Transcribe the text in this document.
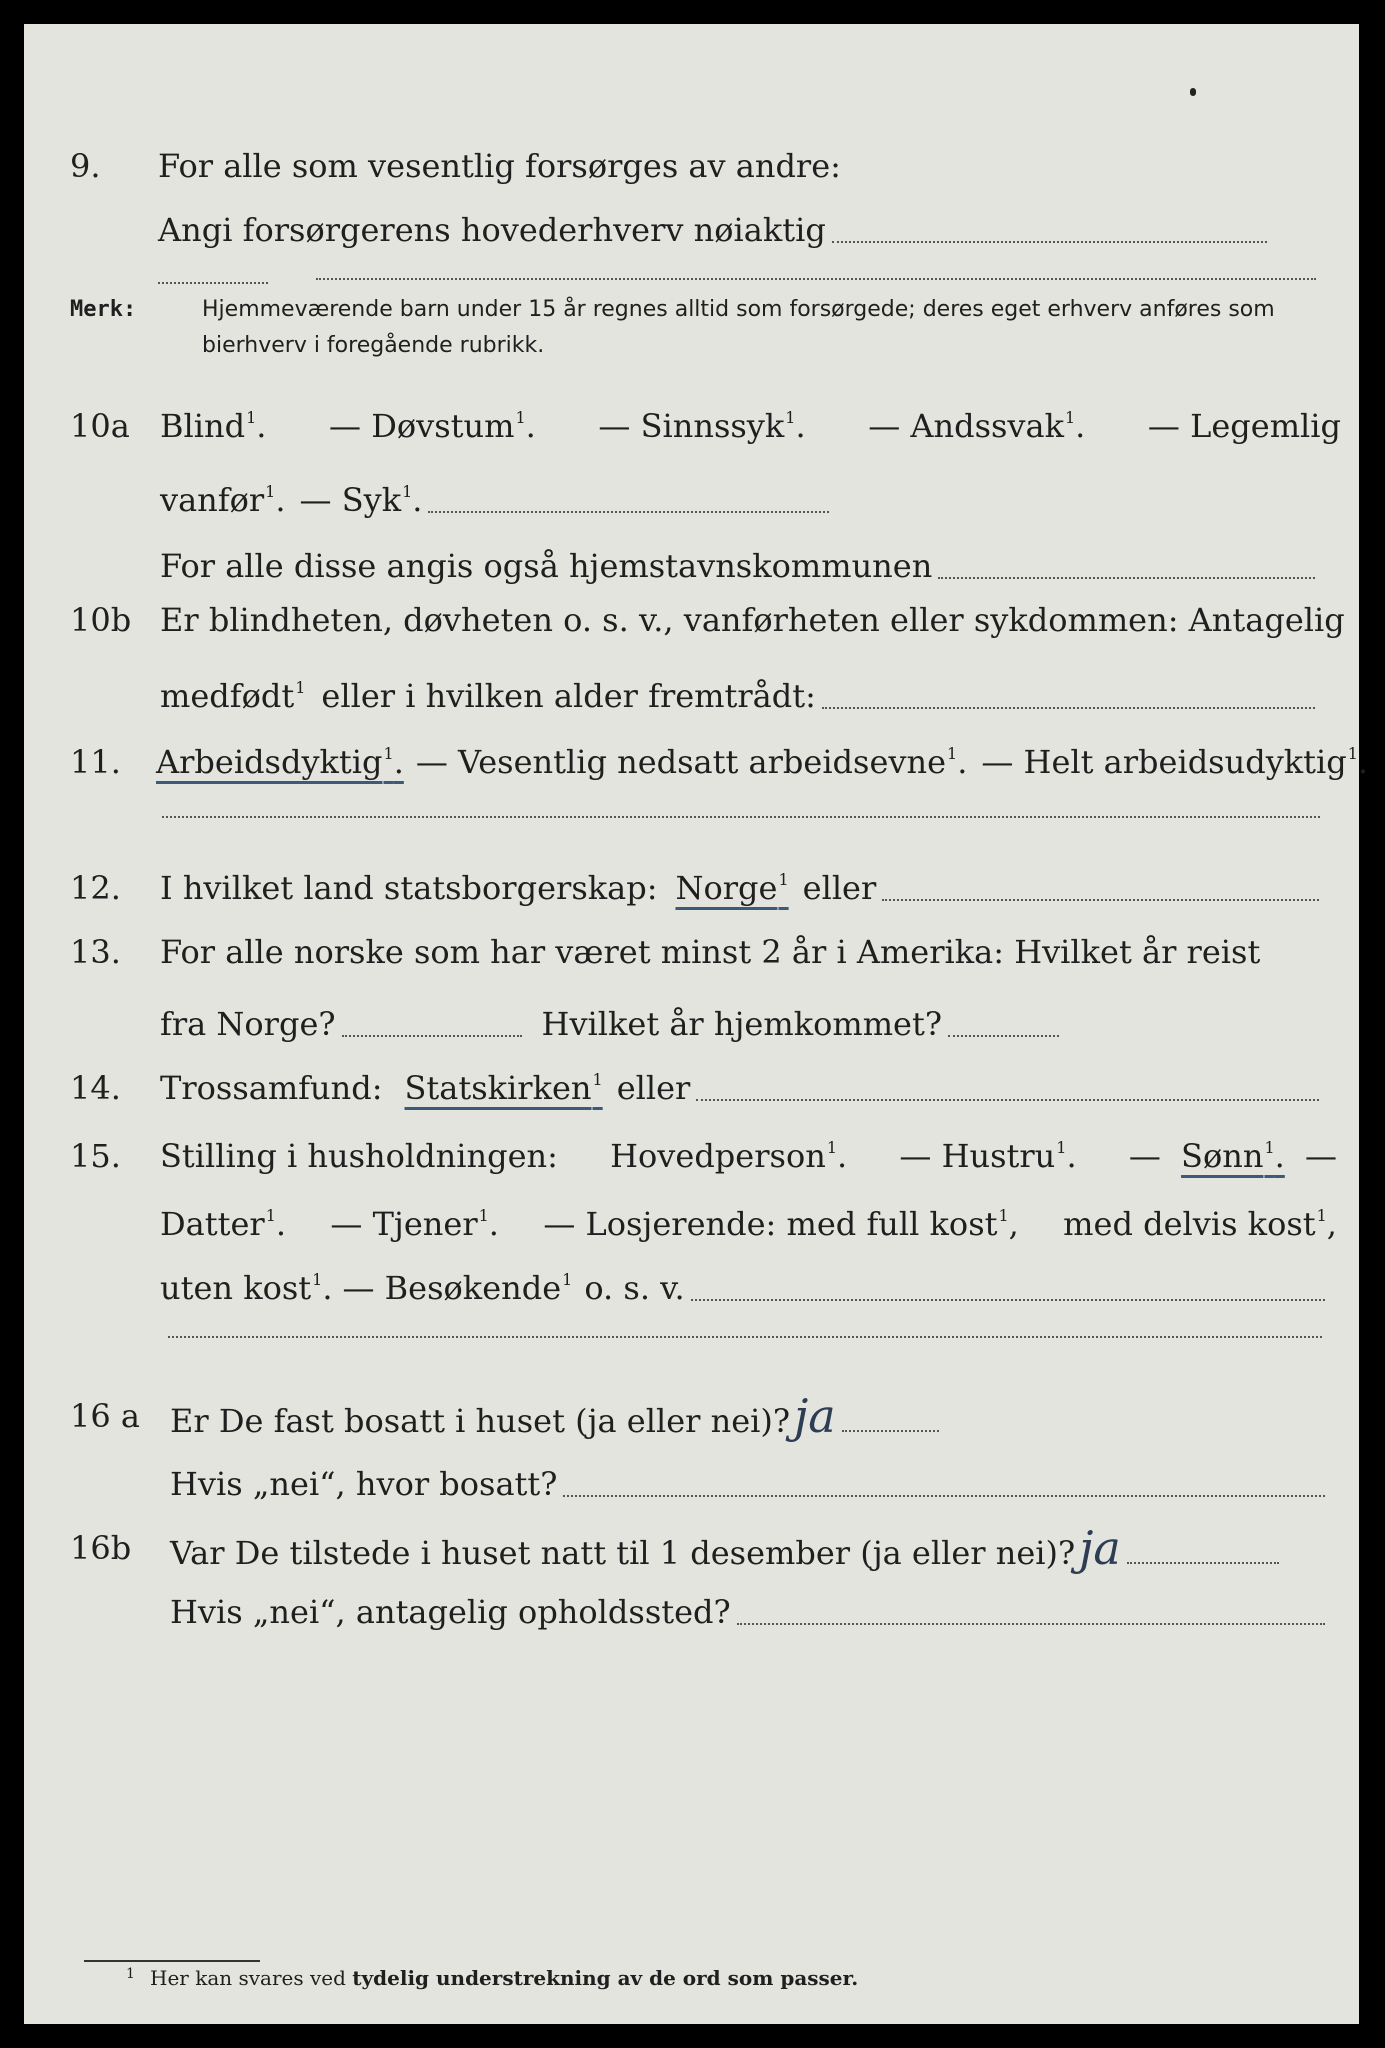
9. For alle som vesentlig forsørges av andre:
Angi forsørgerens hovederhverv nøiaktig
Merk:	Hjemmeværende barn under 15 år regnes alltid som forsørgede; deres eget erhverv anføres som bierhverv i foregående rubrikk.
10a Blind$^1$. — Døvstum$^1$. — Sinnssyk$^1$. — Andssvak$^1$. — Legemlig
vanfør$^1$. — Syk$^1$.
For alle disse angis også hjemstavnskommunen
10b Er blindheten, døvheten o. s. v., vanførheten eller sykdommen: Antagelig
medfødt$^1$ eller i hvilken alder fremtrådt:
11. Arbeidsdyktig$^1$. — Vesentlig nedsatt arbeidsevne$^1$. — Helt arbeidsudyktig$^1$.
12. I hvilket land statsborgerskap: Norge$^1$ eller
13. For alle norske som har været minst 2 år i Amerika: Hvilket år reist
fra Norge?	Hvilket år hjemkommet?
14. Trossamfund: Statskirken$^1$ eller
15. Stilling i husholdningen: Hovedperson$^1$. — Hustru$^1$. — Sønn$^1$. —
Datter$^1$. — Tjener$^1$. — Losjerende: med full kost$^1$, med delvis kost$^1$,
uten kost$^1$. — Besøkende$^1$ o. s. v.
16 a Er De fast bosatt i huset (ja eller nei)? ja
Hvis „nei“, hvor bosatt?
16b Var De tilstede i huset natt til 1 desember (ja eller nei)? ja
Hvis „nei“, antagelig opholdssted?
1 Her kan svares ved tydelig understrekning av de ord som passer.
